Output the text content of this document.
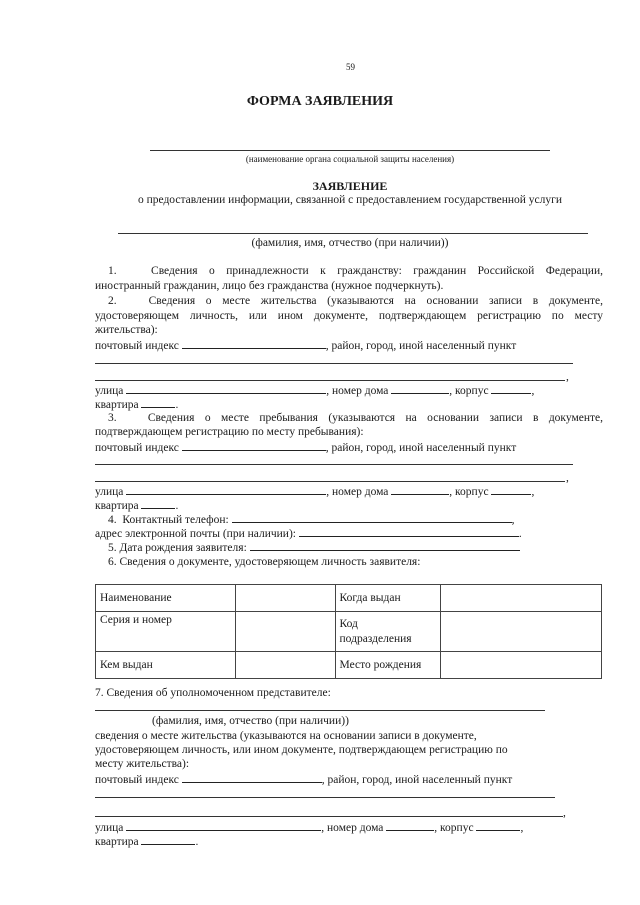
59
ФОРМА ЗАЯВЛЕНИЯ
(наименование органа социальной защиты населения)
ЗАЯВЛЕНИЕ
о предоставлении информации, связанной с предоставлением государственной услуги
(фамилия, имя, отчество (при наличии))
1.   Сведения о принадлежности к гражданству: гражданин Российской Федерации,
иностранный гражданин, лицо без гражданства (нужное подчеркнуть).
2.   Сведения о месте жительства (указываются на основании записи в документе,
удостоверяющем личность, или ином документе, подтверждающем регистрацию по месту
жительства):
почтовый индекс	, район, город, иной населенный пункт
,
улица	, номер дома	, корпус	,
квартира	.
3.   Сведения о месте пребывания (указываются на основании записи в документе,
подтверждающем регистрацию по месту пребывания):
почтовый индекс	, район, город, иной населенный пункт
,
улица	, номер дома	, корпус	,
квартира	.
4.  Контактный телефон:	,
адрес электронной почты (при наличии):	.
5. Дата рождения заявителя:
6. Сведения о документе, удостоверяющем личность заявителя:
Наименование		Когда выдан	
Серия и номер		Код
подразделения	
Кем выдан		Место рождения	
7. Сведения об уполномоченном представителе:
(фамилия, имя, отчество (при наличии))
сведения о месте жительства (указываются на основании записи в документе,
удостоверяющем личность, или ином документе, подтверждающем регистрацию по
месту жительства):
почтовый индекс	, район, город, иной населенный пункт
,
улица	, номер дома	, корпус	,
квартира	.
